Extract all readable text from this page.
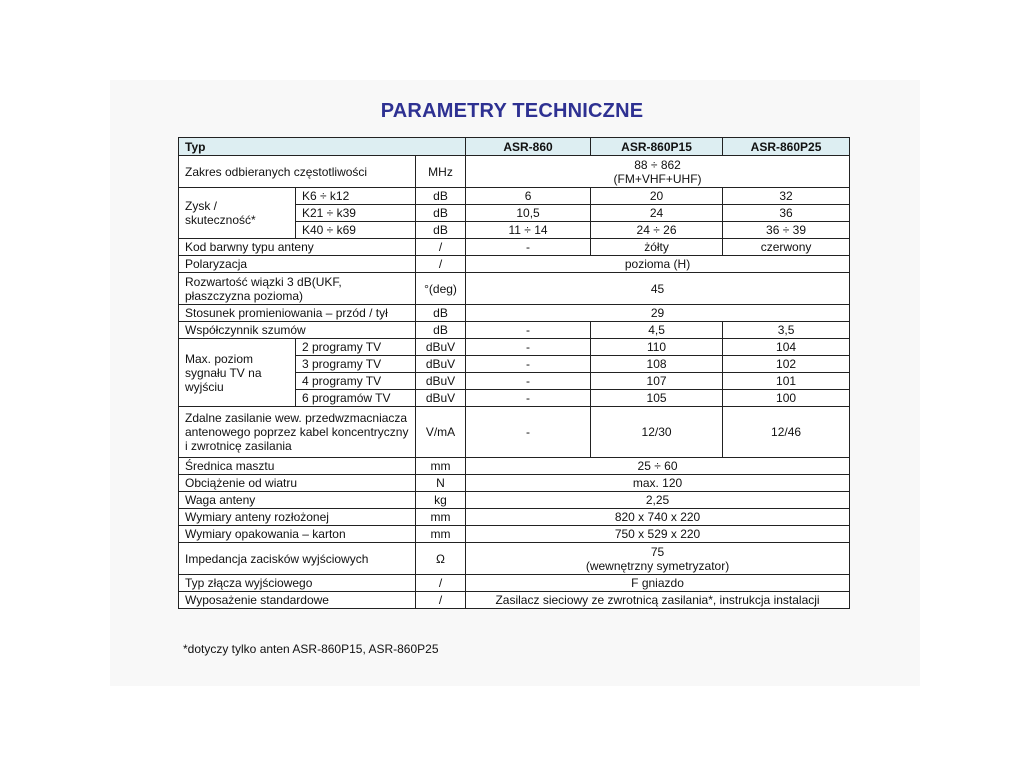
PARAMETRY TECHNICZNE
Typ			ASR-860	ASR-860P15	ASR-860P25
Zakres odbieranych częstotliwości		MHz	88 ÷ 862
(FM+VHF+UHF)		

Zysk /
skuteczność*	K6 ÷ k12	dB	6	20	32
	K21 ÷ k39	dB	10,5	24	36
	K40 ÷ k69	dB	11 ÷ 14	24 ÷ 26	36 ÷ 39
Kod barwny typu anteny		/	-	żółty	czerwony
Polaryzacja		/	pozioma (H)		

Rozwartość wiązki 3 dB(UKF,
płaszczyzna pozioma)		°(deg)	45		
Stosunek promieniowania – przód / tył		dB	29		
Współczynnik szumów		dB	-	4,5	3,5

Max. poziom
sygnału TV na
wyjściu	2 programy TV	dBuV	-	110	104
	3 programy TV	dBuV	-	108	102
	4 programy TV	dBuV	-	107	101
	6 programów TV	dBuV	-	105	100

Zdalne zasilanie wew. przedwzmacniacza
antenowego poprzez kabel koncentryczny
i zwrotnicę zasilania		V/mA	-	12/30	12/46
Średnica masztu		mm	25 ÷ 60		
Obciążenie od wiatru		N	max. 120		
Waga anteny		kg	2,25		
Wymiary anteny rozłożonej		mm	820 x 740 x 220		
Wymiary opakowania – karton		mm	750 x 529 x 220		
Impedancja zacisków wyjściowych		Ω	75
(wewnętrzny symetryzator)		

Typ złącza wyjściowego		/	F gniazdo		
Wyposażenie standardowe		/	Zasilacz sieciowy ze zwrotnicą zasilania*, instrukcja instalacji		
*dotyczy tylko anten ASR-860P15, ASR-860P25
